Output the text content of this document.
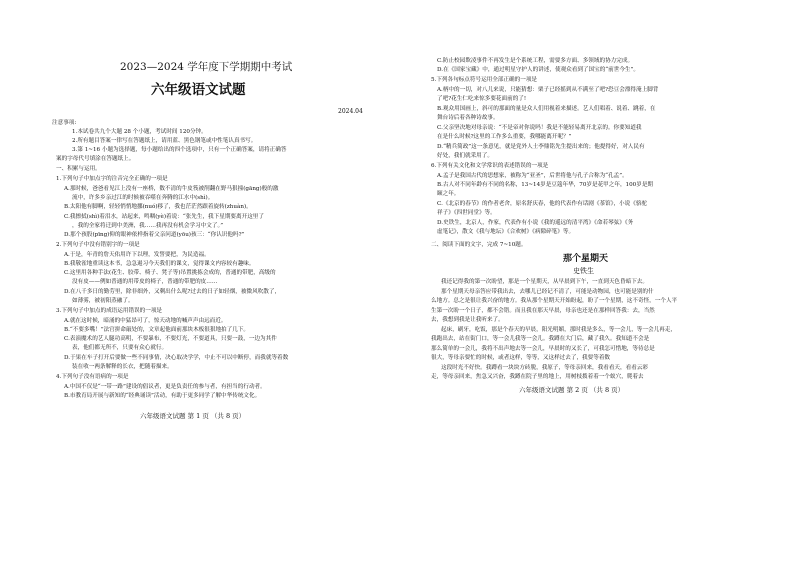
2023—2024 学年度下学期期中考试
六年级语文试题
2024.04
注意事项:
1.本试卷共九个大题 28 个小题，考试时间 120分钟。
2.所有题目答案一律写在答题纸上，请用蓝、黑色钢笔或中性笔认真书写。
3.第 1~16 小题为选择题，每小题给出的四个选项中，只有一个正确答案，请将正确答
案的字母代号填涂在答题纸上。
一、积累与运用。
1.下列句子中加点字的注音完全正确的一项是
A.那时候，爸爸看见江上没有一座桥，数不清的牛皮筏被削翻在野马狠撞(gāng)般的激
流中，许多乡亲过江的时候被吞噬在奔腾的江水中(shì)。
B.太阳他有脚啊，轻轻悄悄地挪(nuó)移了，我也茫茫然跟着旋转(zhuàn)。
C.我擦拭(shì)着泪水，站起来，鸣咽(yè)着说：“张先生，我下星期要离开这里了
，我的全家将迁到中美洲，我……我再没有机会学习中文了。”
D.那个孩股(pīng)仰的眼神依样指着父亲问道(yōu)孩三：“你认识他吗?”
2.下列句子中没有错别字的一项是
A.于是，年青的詹天佑用许下以理，发誓要把，为民造福。
B.我敬雀地重读这本书，急急遏习今天我们的课文，觉得课文内容较有趣味。
C.这里用各种手法(花生、胶带、椅子、凳子等)吊置挑拣会成的，普通的带肥，高级的
没有皮——例如普通的用带皮的椅子，普通的带肥的皮……
D.在八千多日的勤劳里，除非细外，又剩出什么呢?过去的日子如轻烟，被微风吹散了，
如薄雾，被初阳蒸融了。
3.下列句子中加点的成语运用错误的一项是
A.就在这时候，暗涌的中猛昂可了，惊天动地的喊声声由远而近。
B.“不要多嘴！”法官拼命敲处的，文章起他面前那块木板很狠地拍了几下。
C.表演魔术的艺人腿功高明，不要暴布，不要灯光，不要道具，只要一鼓，一边为其件
表，他们都无所不，只要有众心就行。
D.于果在车子打开后要做一些不同事情，决心取决学学，中止不可以中断停，而我就等着数
装在收一两条解释的长衣，把随着描来。
4.下列句子没有语病的一项是
A.中国不仅是“一带一路”建设的倡议者，更是负责任的参与者，有担当的行动者。
B.市教育局开展与新知的“经典诵读”活动，有助于更多同学了解中华传统文化。
六年级语文试题 第 1 页 （共 8 页）
C.防止校园欺凌事件不再发生是个系统工程，需要多方面、多领域的协力完成。
D.在《国家宝藏》中，通过明星守护人的讲述，使观众看到了国宝的“前世今生”。
5.下列各句标点符号运用全部正确的一项是
A.柄中的一切，对八儿来说，只能猜想：栗子已经摇到从不满至了吧?恐豆会漂得淹上脚背
了吧?花生仁吃来惊多要花面前的了!
B.观众用国画上，斜可的那面的量是众人们用视着来描述。艺人们唱着、说着、跳着，在
舞台诗后着各种诗故事。
C.父亲坚决地对母亲说：“不是帝对你说吗！我是不能轻易离开北京的。你要知道我
在是什么时候?这里的工作多么重要，我哪能离开呢？”
D.“精兵简政”这一条意见，就是党外人士李鼎铭先生提出来的；他提得好，对人民有
好处，我们就采用了。
6.下列有关文化和文学常识的表述错误的一项是
A.孟子是我国古代的思想家，被称为“亚圣”，后世将他与孔子合称为“孔孟”。
B.古人对不同年龄有不同的名称，13~14岁是豆蔻年华，70岁是花甲之年，100岁是期
颐之年。
C.《北京的春节》的作者老舍，原名舒庆春，他的代表作有话剧《茶馆》，小说《骆驼
祥子》《四世同堂》等。
D.史铁生，北京人，作家，代表作有小说《我的遥远的清平湾》《命若琴弦》《务
虚笔记》，散文《我与地坛》《合欢树》《病隙碎笔》等。
二、阅读下面的文字，完成 7~10题。
那个星期天
史铁生
我还记得我的第一次盼望，那是一个星期天，从早晨到下午，一直到天色昏暗下去。
那个星期天母亲答应带我出去，去哪儿已经记不清了，可能是动物园，也可能是别的什
么地方。总之是很让我兴奋的地方。我从那个星期天开始盼起，盼了一个星期，这不奇怪，一个人平
生第一次盼一个日子，都不会错。而且我在那天早晨，母亲也还是在那样回答我：去，当然
去，我想到我是让我听来了。
起床，刷牙，吃饭，那是个春天的早晨，阳光明媚，那时我是多么，等一会儿，等一会儿再走，
我跑出去，站在街门口，等一会儿我等一会儿。我蹲在大门后，藏了我久。我知道不会是
那么简单的一会儿，我将不出声地去等一会儿，早晨时的又长了，可我怎可惜地，等待总是
很大，等母亲要忙的时候，或者这样，等等，又这样过去了，我要等着数
这段时光不好快。我蹲看一块块方砖脱，我原子，等母亲回来，我看看天，看看云彩
走，等母亲回来，焦急又兴奋，我蹲在院子里的地上，用树枝拨着着一个蚁穴，爬着去
六年级语文试题 第 2 页 （共 8 页）
